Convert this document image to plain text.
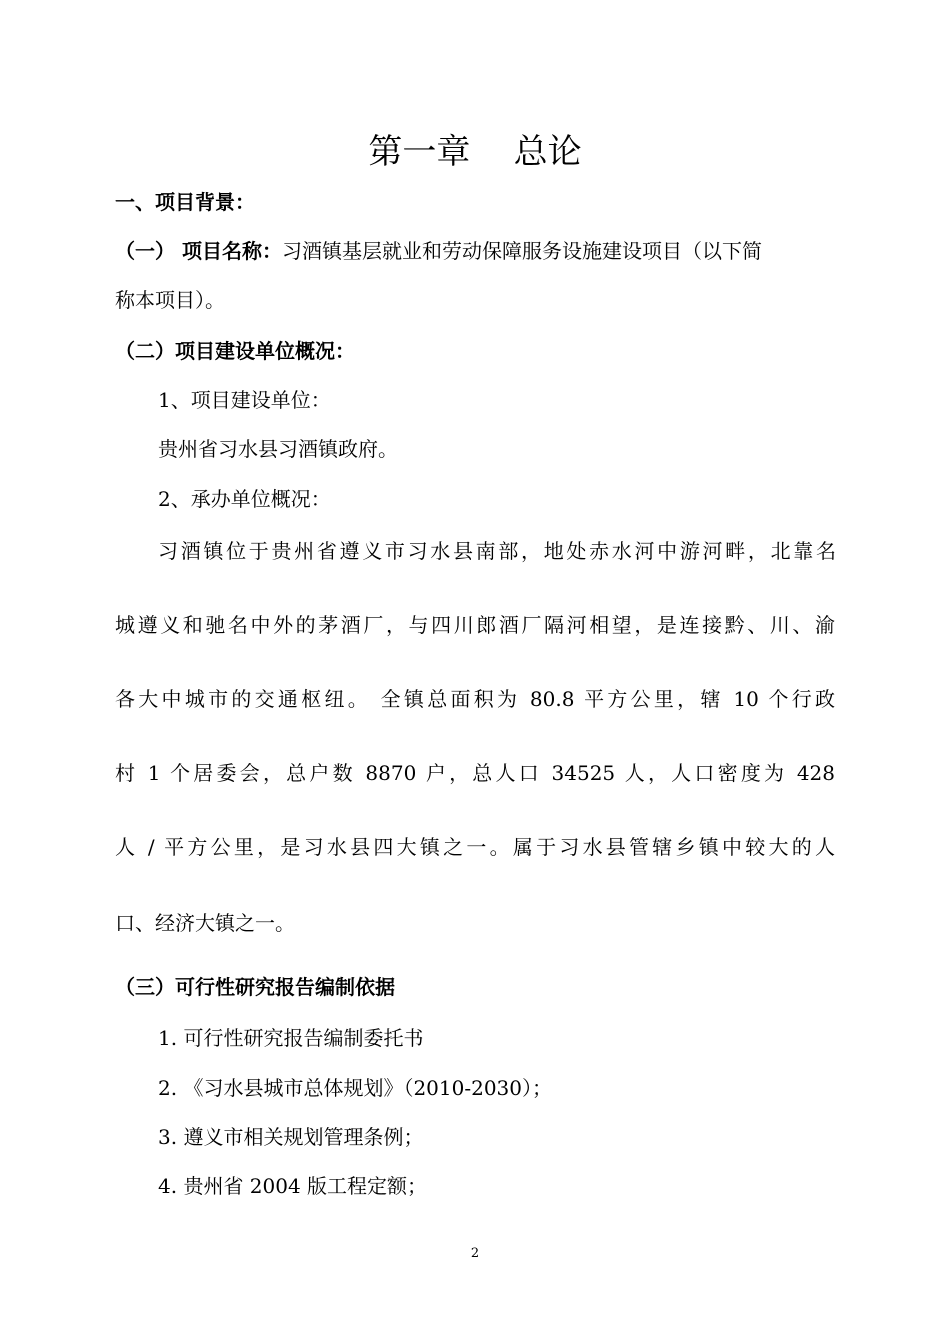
第一章    总论
一、项目背景：
（一） 项目名称：习酒镇基层就业和劳动保障服务设施建设项目（以下简
称本项目）。
（二）项目建设单位概况：
1、项目建设单位：
贵州省习水县习酒镇政府。
2、承办单位概况：
习酒镇位于贵州省遵义市习水县南部，地处赤水河中游河畔，北靠名
城遵义和驰名中外的茅酒厂，与四川郎酒厂隔河相望，是连接黔、川、渝
各大中城市的交通枢纽。 全镇总面积为 80.8 平方公里，辖 10 个行政
村 1 个居委会，总户数 8870 户，总人口 34525 人，人口密度为 428
人 / 平方公里，是习水县四大镇之一。属于习水县管辖乡镇中较大的人
口、经济大镇之一。
（三）可行性研究报告编制依据
1. 可行性研究报告编制委托书
2. 《习水县城市总体规划》（2010-2030）；
3. 遵义市相关规划管理条例；
4. 贵州省 2004 版工程定额；
2
